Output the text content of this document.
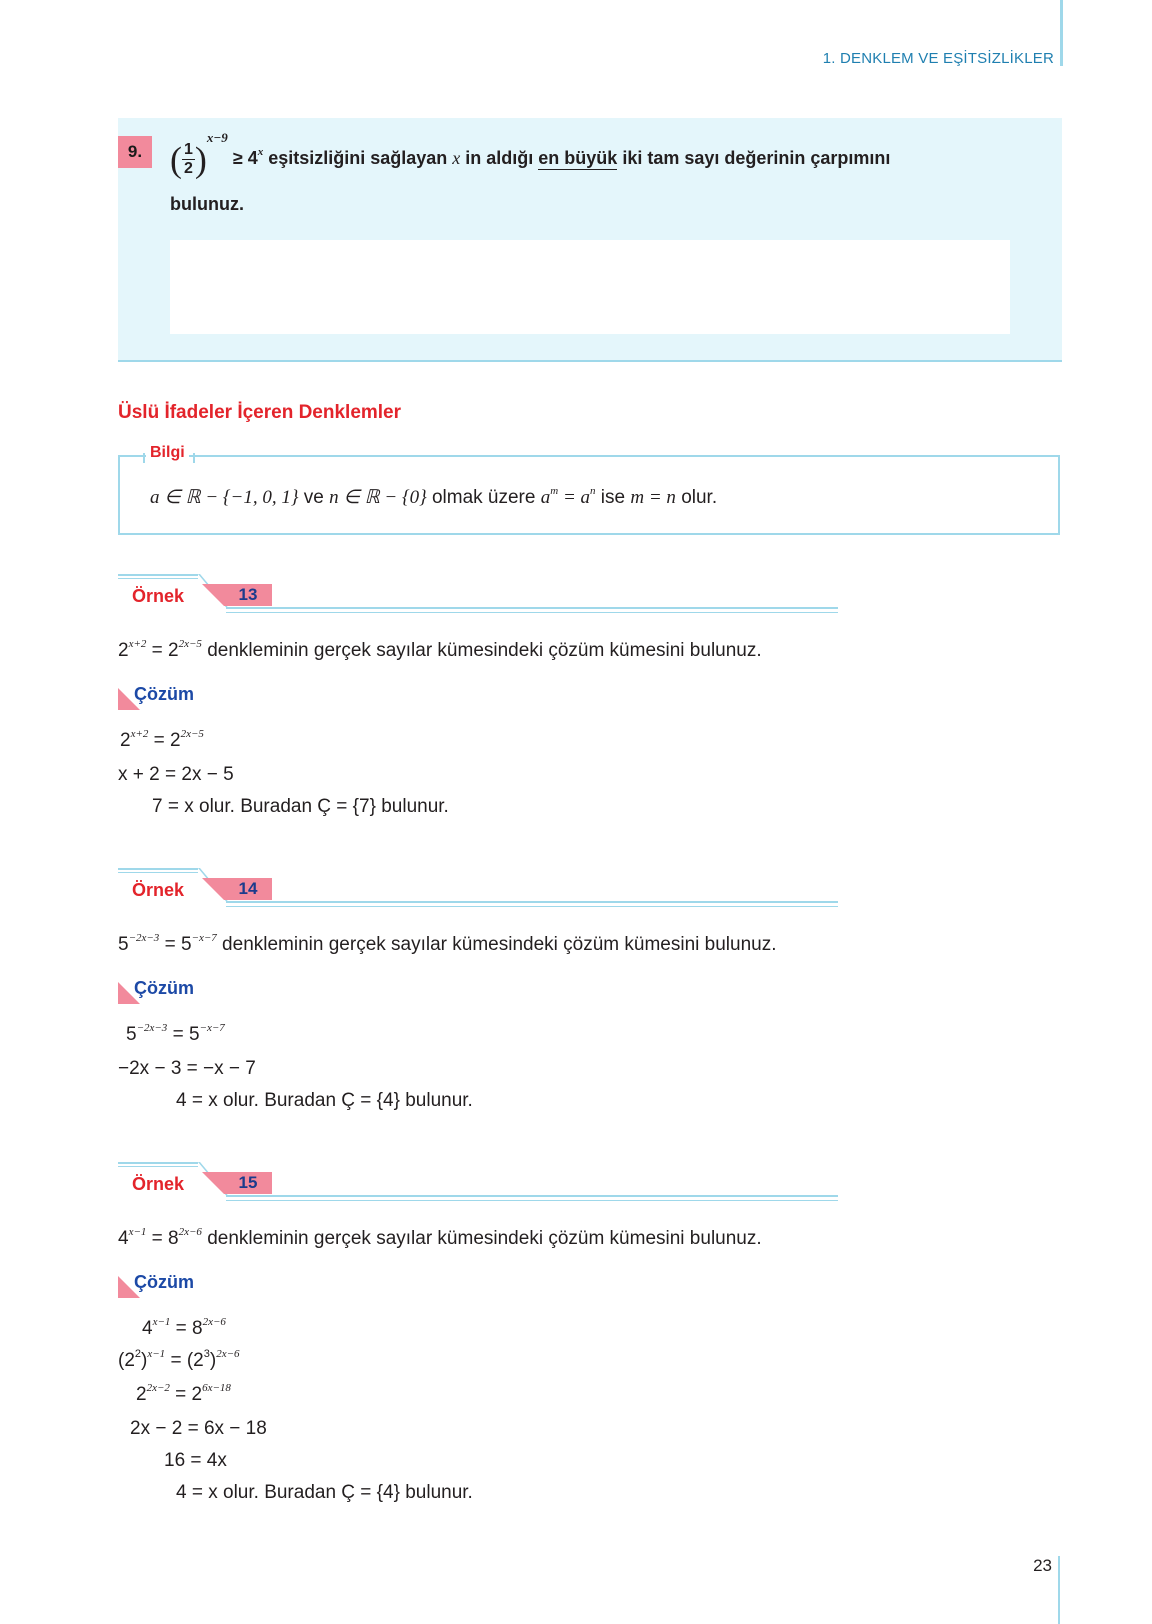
1. DENKLEM VE EŞİTSİZLİKLER
9. ( $\frac{1}{2} )^{x-9} \ge 4^x$ eşitsizliğini sağlayan x in aldığı en büyük iki tam sayı değerinin çarpımını
bulunuz.
Üslü İfadeler İçeren Denklemler
Bilgi
a ∈ ℝ − {−1, 0, 1} ve n ∈ ℝ − {0} olmak üzere $a^m = a^n$ ise m = n olur.
Örnek	13
$2^{x+2} = 2^{2x-5}$ denkleminin gerçek sayılar kümesindeki çözüm kümesini bulunuz.
Çözüm
$2^{x+2} = 2^{2x-5}$
x + 2 = 2x − 5
7 = x olur. Buradan Ç = {7} bulunur.
Örnek	14
$5^{-2x-3} = 5^{-x-7}$ denkleminin gerçek sayılar kümesindeki çözüm kümesini bulunuz.
Çözüm
$5^{-2x-3} = 5^{-x-7}$
−2x − 3 = −x − 7
4 = x olur. Buradan Ç = {4} bulunur.
Örnek	15
$4^{x-1} = 8^{2x-6}$ denkleminin gerçek sayılar kümesindeki çözüm kümesini bulunuz.
Çözüm
$4^{x-1} = 8^{2x-6}$
$(2^2)^{x-1} = (2^3)^{2x-6}$
$2^{2x-2} = 2^{6x-18}$
2x − 2 = 6x − 18
16 = 4x
4 = x olur. Buradan Ç = {4} bulunur.
23
